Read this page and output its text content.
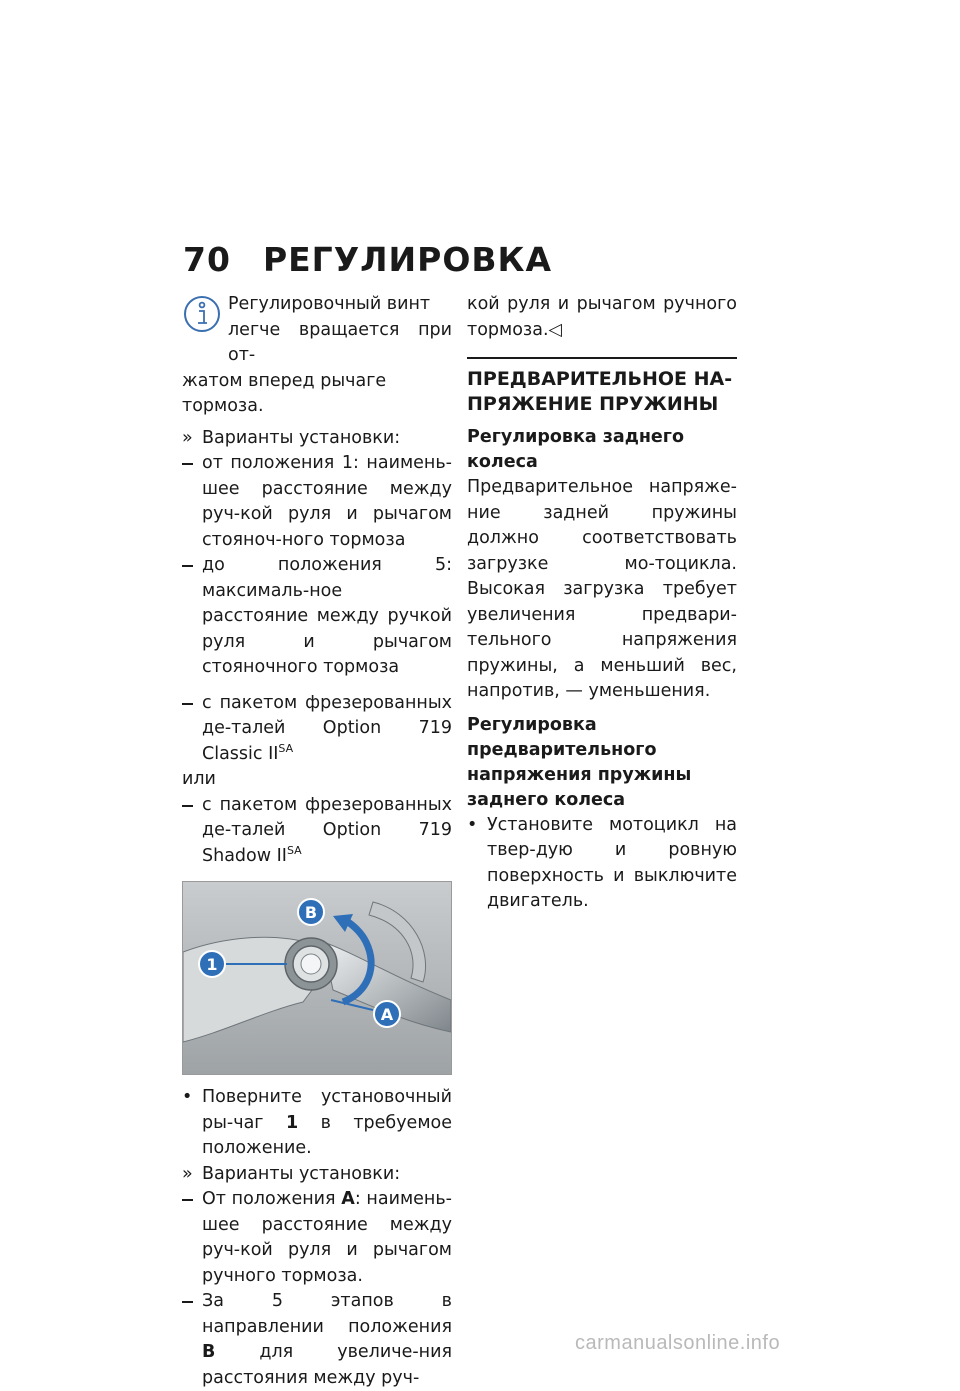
70 РЕГУЛИРОВКА

Регулировочный винт

легче вращается при от-

жатом вперед рычаге тормоза.

» Варианты установки:
от положения 1: наимень-шее расстояние между руч-кой руля и рычагом стояноч-ного тормоза
до положения 5: максималь-ное расстояние между ручкой руля и рычагом стояночного тормоза
с пакетом фрезерованных де-талей Option 719 Classic $II^{SA}$

или

с пакетом фрезерованных де-талей Option 719 Shadow $II^{SA}$
B
1
A
• Поверните установочный ры-чаг 1 в требуемое положение.
» Варианты установки:
От положения A: наимень-шее расстояние между руч-кой руля и рычагом ручного тормоза.
За 5 этапов в направлении положения B для увеличе-ния расстояния между руч-

кой руля и рычагом ручного тормоза.◁

ПРЕДВАРИТЕЛЬНОЕ НА-ПРЯЖЕНИЕ ПРУЖИНЫ

Регулировка заднего колеса

Предварительное напряже-ние задней пружины должно соответствовать загрузке мо-тоцикла. Высокая загрузка требует увеличения предвари-тельного напряжения пружины, а меньший вес, напротив, — уменьшения.

Регулировка предварительного напряжения пружины заднего колеса

• Установите мотоцикл на твер-дую и ровную поверхность и выключите двигатель.
carmanualsonline.info
